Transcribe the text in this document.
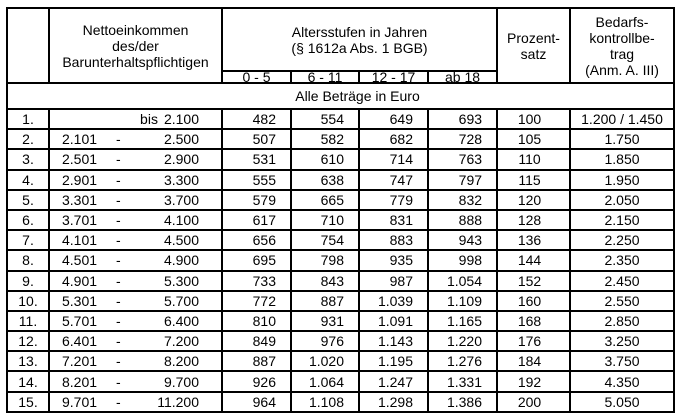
Nettoeinkommen
des/der
Barunterhaltspflichtigen

Altersstufen in Jahren
(§ 1612a Abs. 1 BGB)

Prozent-
satz

Bedarfs-
kontrollbe-
trag
(Anm. A. III)

		0 - 5	6 - 11	12 - 17	ab 18		
Alle Beträge in Euro							
1.	bis 2.100	482	554	649	693	100	1.200 / 1.450
2.	2.101 - 2.500	507	582	682	728	105	1.750
3.	2.501 - 2.900	531	610	714	763	110	1.850
4.	2.901 - 3.300	555	638	747	797	115	1.950
5.	3.301 - 3.700	579	665	779	832	120	2.050
6.	3.701 - 4.100	617	710	831	888	128	2.150
7.	4.101 - 4.500	656	754	883	943	136	2.250
8.	4.501 - 4.900	695	798	935	998	144	2.350
9.	4.901 - 5.300	733	843	987	1.054	152	2.450
10.	5.301 - 5.700	772	887	1.039	1.109	160	2.550
11.	5.701 - 6.400	810	931	1.091	1.165	168	2.850
12.	6.401 - 7.200	849	976	1.143	1.220	176	3.250
13.	7.201 - 8.200	887	1.020	1.195	1.276	184	3.750
14.	8.201 - 9.700	926	1.064	1.247	1.331	192	4.350
15.	9.701 - 11.200	964	1.108	1.298	1.386	200	5.050
